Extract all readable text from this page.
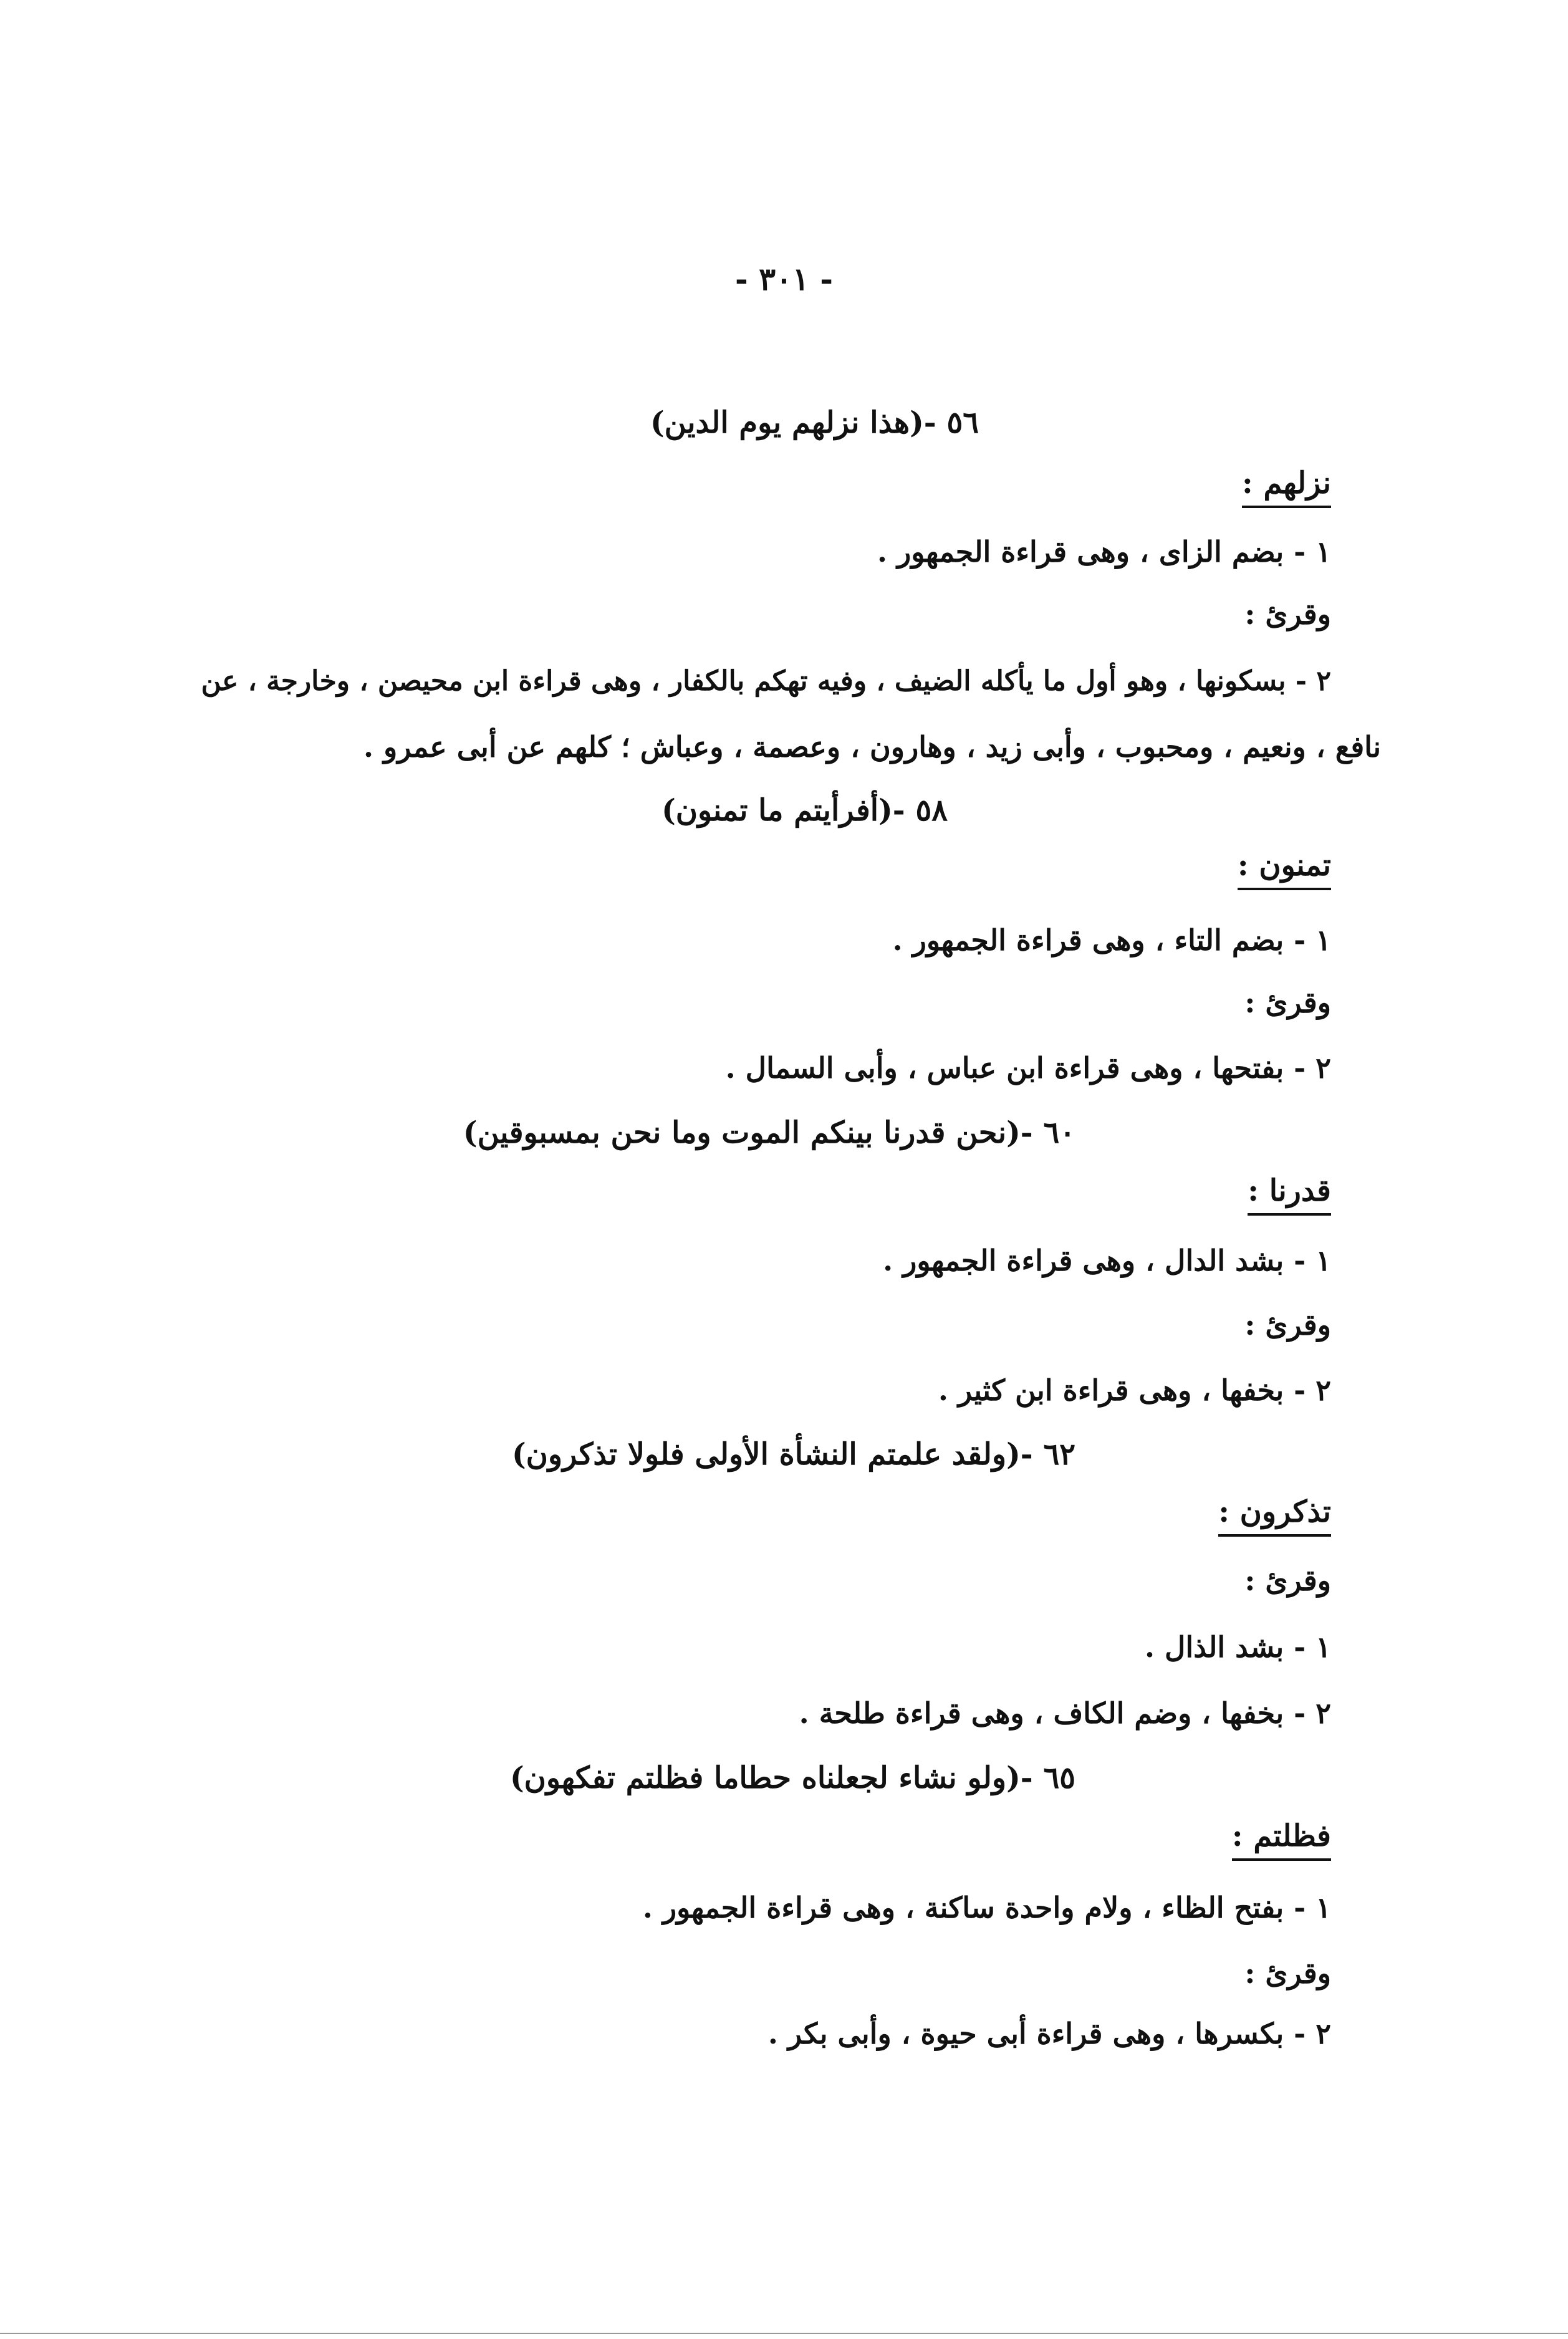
- ٣٠١ -
٥٦ -(هذا نزلهم يوم الدين)
نزلهم :
١ - بضم الزاى ، وهى قراءة الجمهور .
وقرئ :
٢ - بسكونها ، وهو أول ما يأكله الضيف ، وفيه تهكم بالكفار ، وهى قراءة ابن محيصن ، وخارجة ، عن
نافع ، ونعيم ، ومحبوب ، وأبى زيد ، وهارون ، وعصمة ، وعباش ؛ كلهم عن أبى عمرو .
٥٨ -(أفرأيتم ما تمنون)
تمنون :
١ - بضم التاء ، وهى قراءة الجمهور .
وقرئ :
٢ - بفتحها ، وهى قراءة ابن عباس ، وأبى السمال .
٦٠ -(نحن قدرنا بينكم الموت وما نحن بمسبوقين)
قدرنا :
١ - بشد الدال ، وهى قراءة الجمهور .
وقرئ :
٢ - بخفها ، وهى قراءة ابن كثير .
٦٢ -(ولقد علمتم النشأة الأولى فلولا تذكرون)
تذكرون :
وقرئ :
١ - بشد الذال .
٢ - بخفها ، وضم الكاف ، وهى قراءة طلحة .
٦٥ -(ولو نشاء لجعلناه حطاما فظلتم تفكهون)
فظلتم :
١ - بفتح الظاء ، ولام واحدة ساكنة ، وهى قراءة الجمهور .
وقرئ :
٢ - بكسرها ، وهى قراءة أبى حيوة ، وأبى بكر .
